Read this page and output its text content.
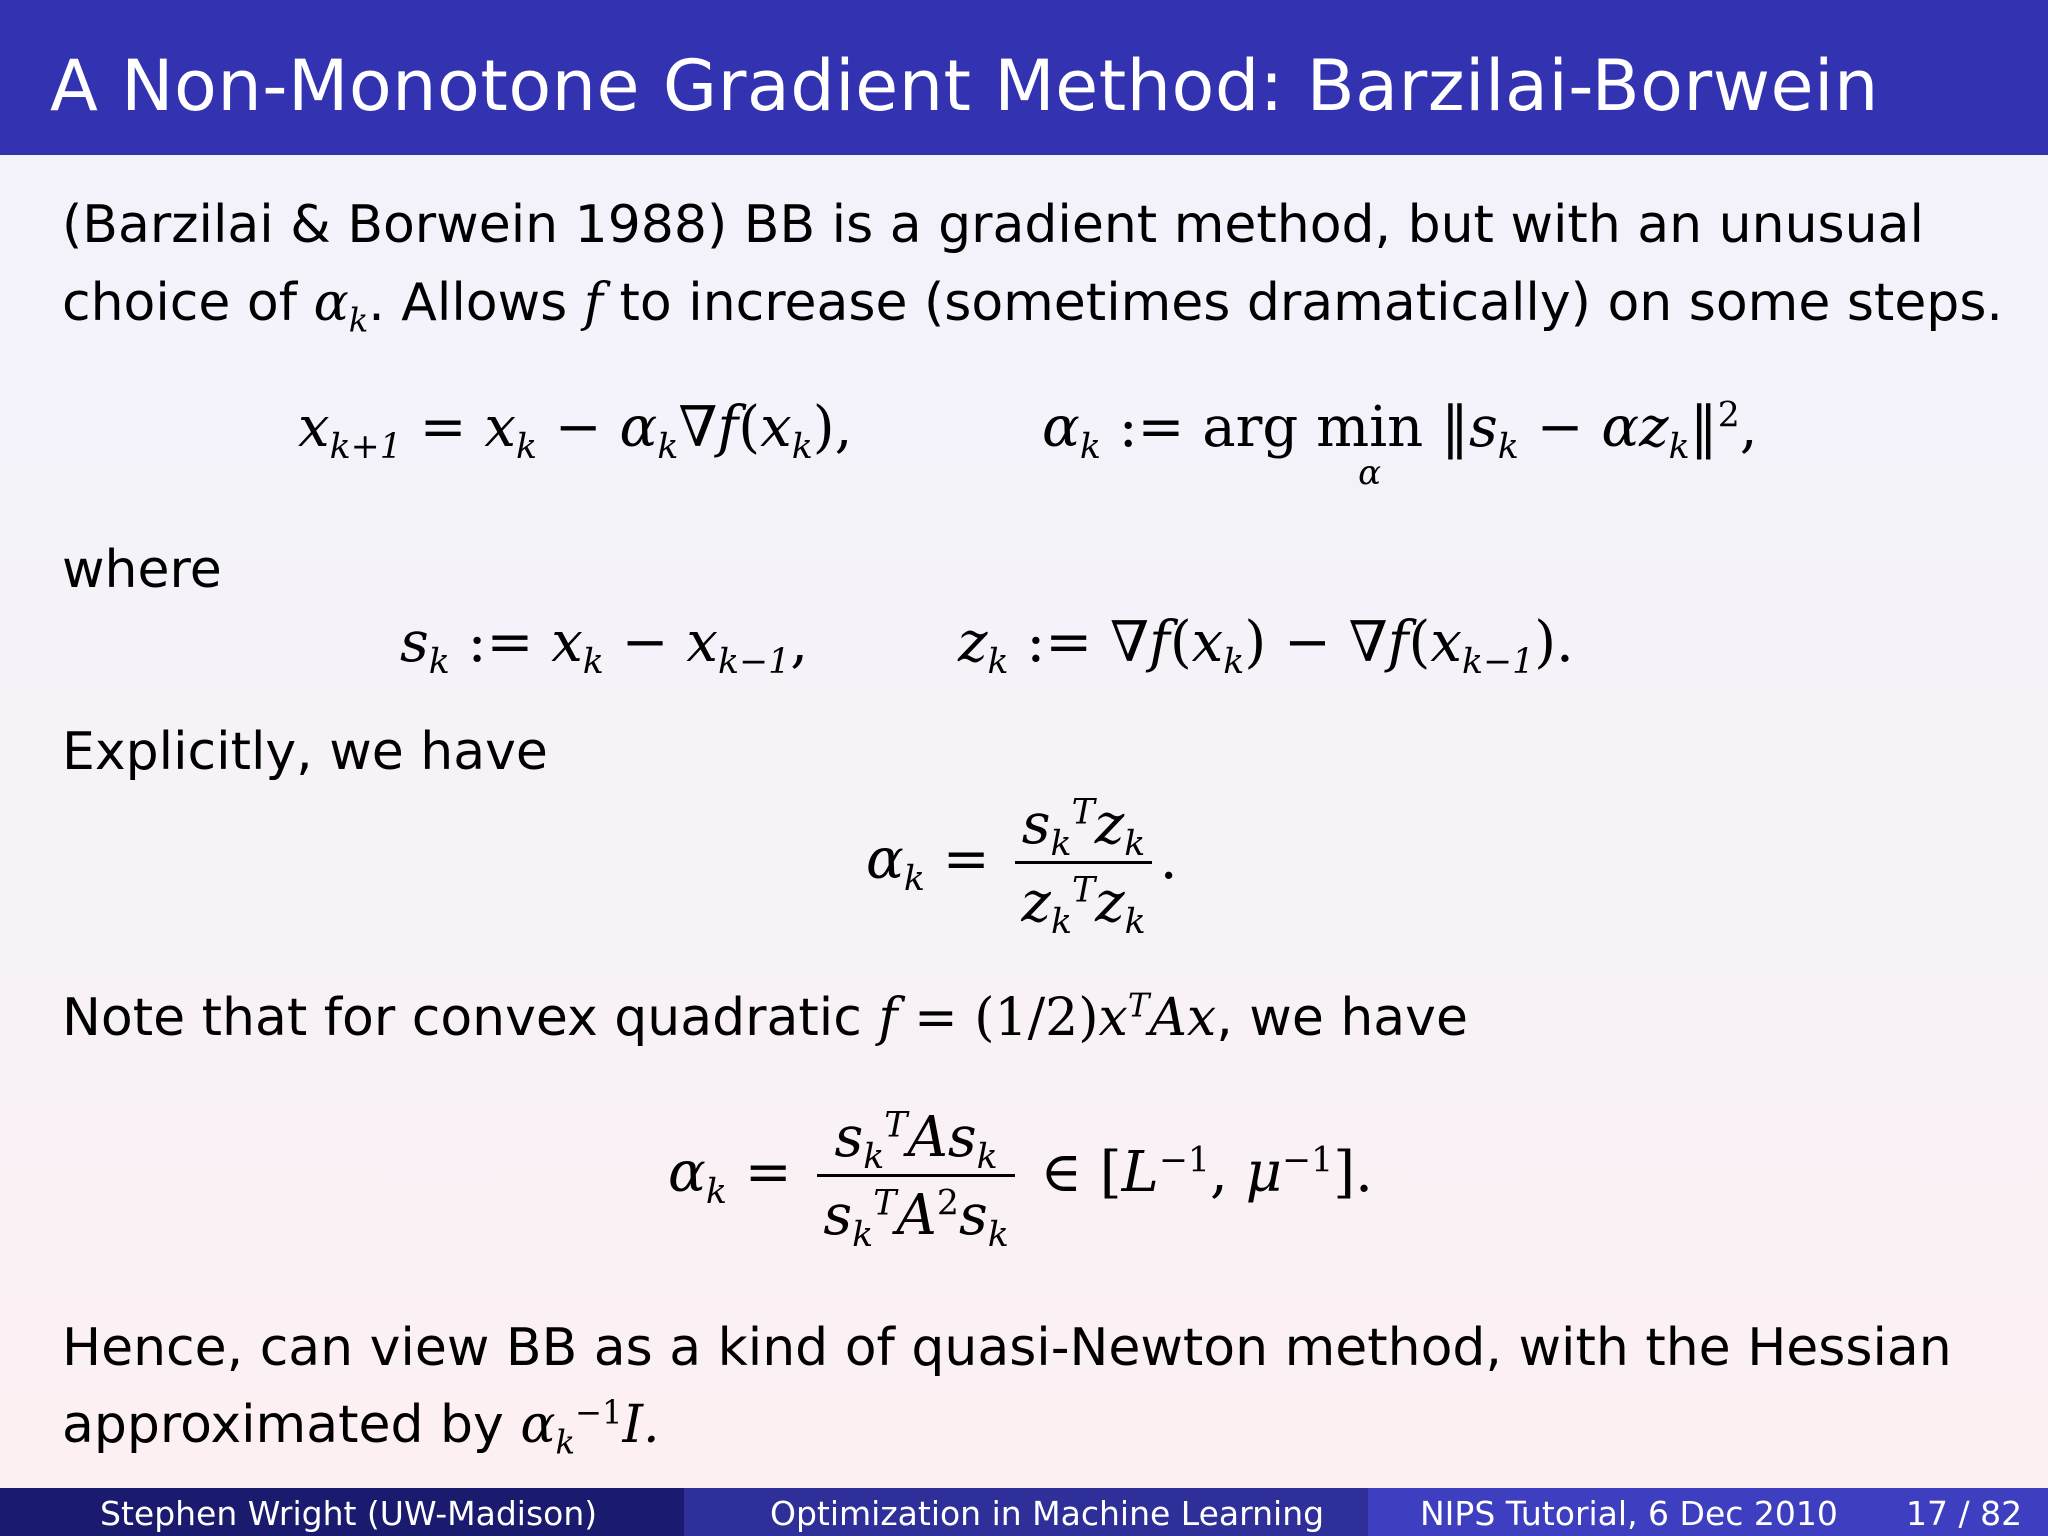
A Non-Monotone Gradient Method: Barzilai-Borwein
(Barzilai & Borwein 1988) BB is a gradient method, but with an unusual
choice of $\alpha_k$. Allows f to increase (sometimes dramatically) on some steps.
$x_{k+1} = x_k - \alpha_k\nabla f(x_k)$,	$\alpha_k$ := arg min
α
$‖s_k$ − $\alpha z_k‖^2$,
where
$s_k$ := $x_k - x_{k-1}$,	$z_k$ := $\nabla f(x_k) - \nabla f(x_{k-1})$.
Explicitly, we have
$\alpha_k = \frac{s_k^Tz_k}{z_k^Tz_k}$ .
Note that for convex quadratic $f = (1/2)x^TAx$, we have
$\alpha_k = \frac{s_k^TAs_k}{s_k^TA^2s_k}$ ∈ [$L^{-1}$, $\mu^{-1}$].
Hence, can view BB as a kind of quasi-Newton method, with the Hessian
approximated by $\alpha_k^{-1}I$.
Stephen Wright (UW-Madison)	Optimization in Machine Learning	NIPS Tutorial, 6 Dec 2010 17 / 82
